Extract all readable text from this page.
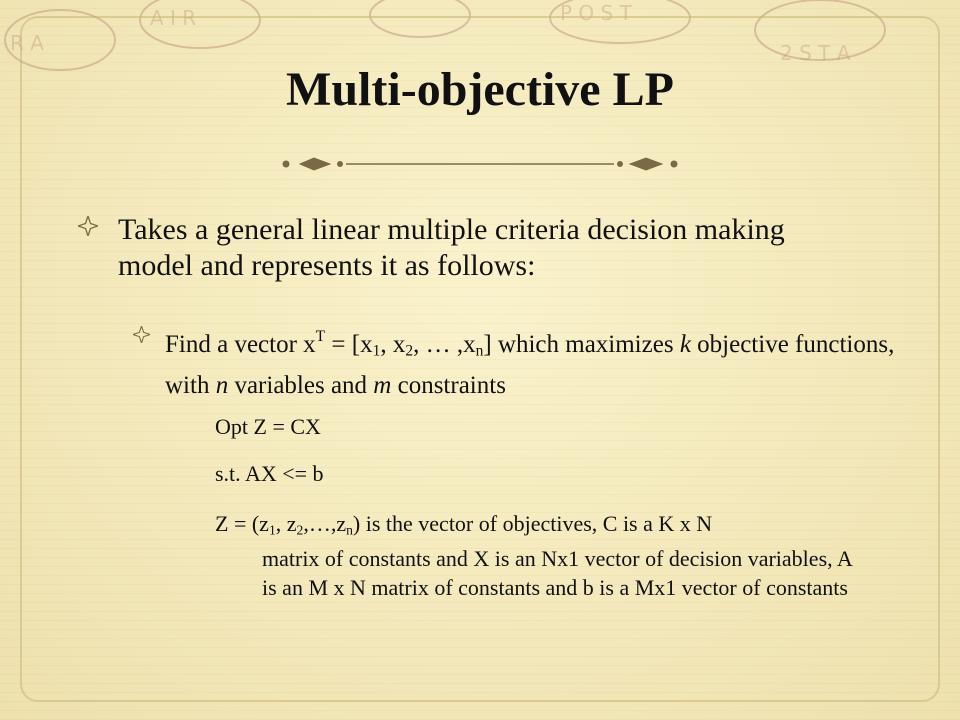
R A
A I R	P O S T
2 S T A
Multi-objective LP
Takes a general linear multiple criteria decision making model and represents it as follows:
Find a vector $x^T = [x_1$, $x_2$, … $,x_n$] which maximizes k objective functions, with n variables and m constraints
Opt Z = CX
s.t. AX <= b
$Z = (z_1$, $z_2,\dots,z_n$) is the vector of objectives, C is a K x N
matrix of constants and X is an Nx1 vector of decision variables, A is an M x N matrix of constants and b is a Mx1 vector of constants
